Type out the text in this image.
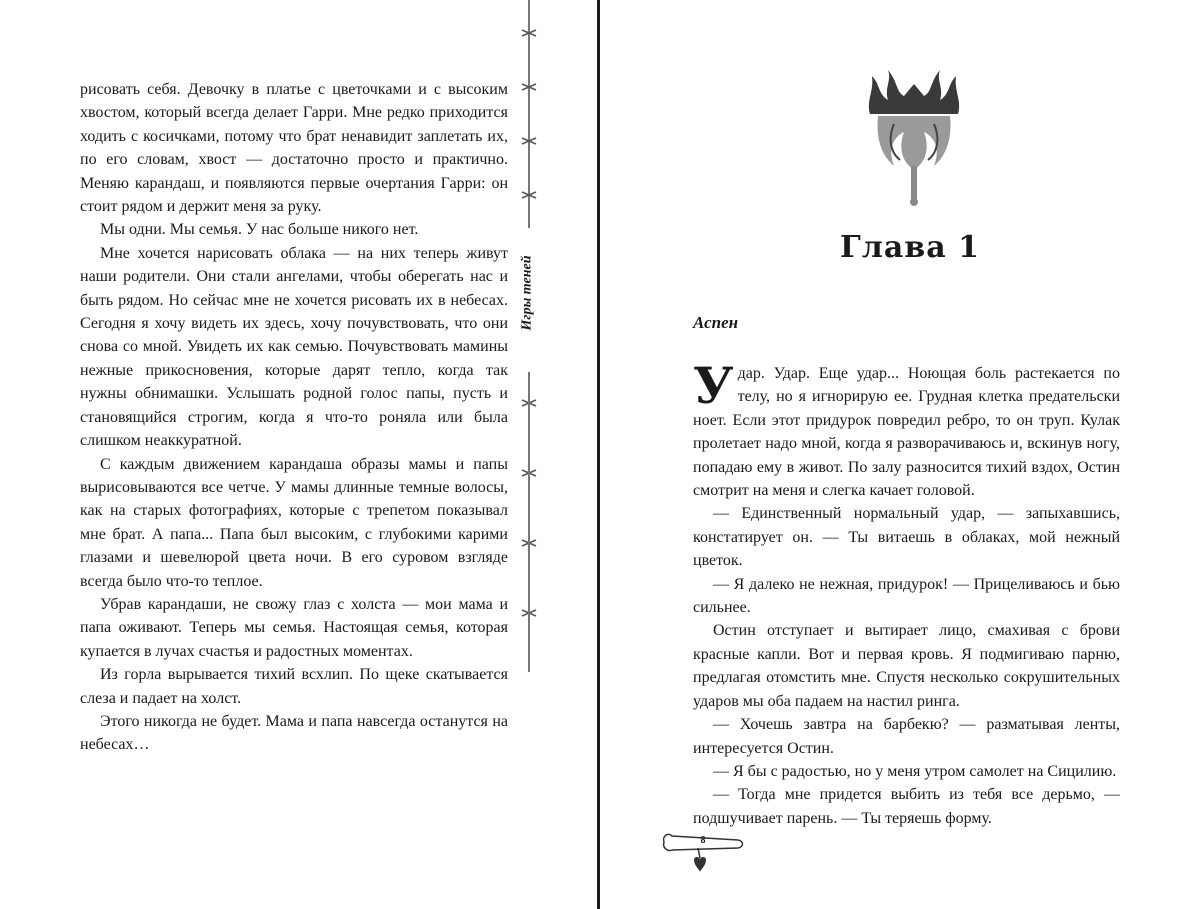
рисовать себя. Девочку в платье с цветочками и с высоким хвостом, который всегда делает Гарри. Мне редко приходится ходить с косичками, потому что брат ненавидит заплетать их, по его словам, хвост — достаточно просто и практично. Меняю карандаш, и появляются первые очертания Гарри: он стоит рядом и держит меня за руку.

Мы одни. Мы семья. У нас больше никого нет.

Мне хочется нарисовать облака — на них теперь живут наши родители. Они стали ангелами, чтобы оберегать нас и быть рядом. Но сейчас мне не хочется рисовать их в небесах. Сегодня я хочу видеть их здесь, хочу почувствовать, что они снова со мной. Увидеть их как семью. Почувствовать мамины нежные прикосновения, которые дарят тепло, когда так нужны обнимашки. Услышать родной голос папы, пусть и становящийся строгим, когда я что-то роняла или была слишком неаккуратной.

С каждым движением карандаша образы мамы и папы вырисовываются все четче. У мамы длинные темные волосы, как на старых фотографиях, которые с трепетом показывал мне брат. А папа... Папа был высоким, с глубокими карими глазами и шевелюрой цвета ночи. В его суровом взгляде всегда было что-то теплое.

Убрав карандаши, не свожу глаз с холста — мои мама и папа оживают. Теперь мы семья. Настоящая семья, которая купается в лучах счастья и радостных моментах.

Из горла вырывается тихий всхлип. По щеке скатывается слеза и падает на холст.

Этого никогда не будет. Мама и папа навсегда останутся на небесах…

Игры теней
Глава 1
Аспен

Удар. Удар. Еще удар... Ноющая боль растекается по телу, но я игнорирую ее. Грудная клетка предательски ноет. Если этот придурок повредил ребро, то он труп. Кулак пролетает надо мной, когда я разворачиваюсь и, вскинув ногу, попадаю ему в живот. По залу разносится тихий вздох, Остин смотрит на меня и слегка качает головой.

— Единственный нормальный удар, — запыхавшись, констатирует он. — Ты витаешь в облаках, мой нежный цветок.

— Я далеко не нежная, придурок! — Прицеливаюсь и бью сильнее.

Остин отступает и вытирает лицо, смахивая с брови красные капли. Вот и первая кровь. Я подмигиваю парню, предлагая отомстить мне. Спустя несколько сокрушительных ударов мы оба падаем на настил ринга.

— Хочешь завтра на барбекю? — разматывая ленты, интересуется Остин.

— Я бы с радостью, но у меня утром самолет на Сицилию.

— Тогда мне придется выбить из тебя все дерьмо, — подшучивает парень. — Ты теряешь форму.

8
